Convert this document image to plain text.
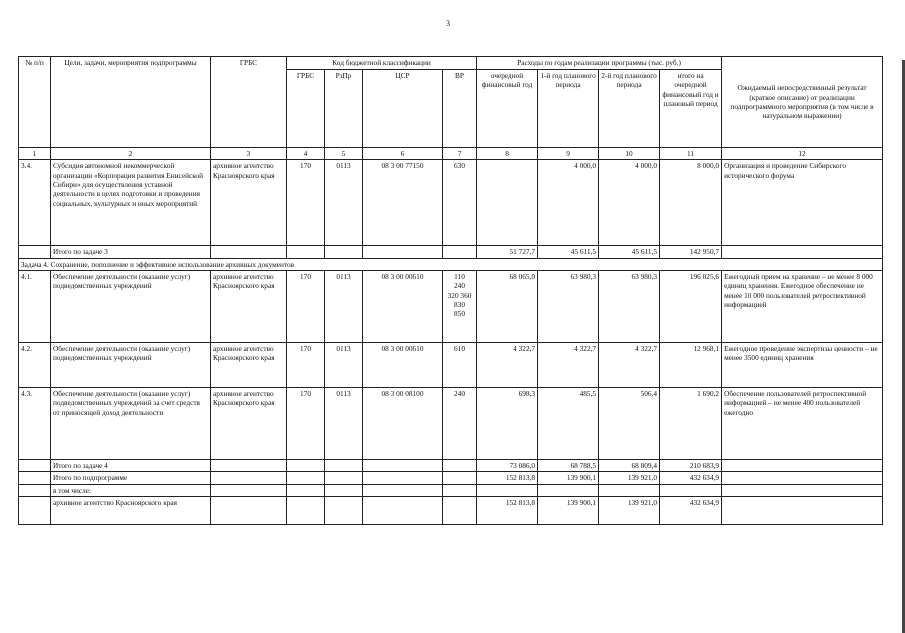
3
№ п/п	Цели, задачи, мероприятия подпрограммы	ГРБС	Код бюджетной классификации				Расходы по годам реализации программы (тыс. руб.)				Ожидаемый непосредственный результат (краткое описание) от реализации подпрограммного мероприятия (в том числе в натуральном выражении)
			ГРБС	РзПр	ЦСР	ВР	очередной финансовый год	1-й год планового периода	2-й год планового периода	итого на очередной финансовый год и плановый период	
1	2	3	4	5	6	7	8	9	10	11	12
3.4.	Субсидия автономной некоммерческой организации «Корпорация развития Енисейской Сибири» для осуществления уставной деятельности в целях подготовки и проведения социальных, культурных и иных мероприятий	архивное агентство Красноярского края	170	0113	08 3 00 77150	630		4 000,0	4 000,0	8 000,0	Организация и проведение Сибирского исторического форума
	Итого по задаче 3						51 727,7	45 611,5	45 611,5	142 950,7	
Задача 4. Сохранение, пополнение и эффективное использование архивных документов											
4.1.	Обеспечение деятельности (оказание услуг) подведомственных учреждений	архивное агентство Красноярского края	170	0113	08 3 00 00610	110
240
320 360
830
850	68 065,0	63 980,3	63 980,3	196 025,6	Ежегодный прием на хранение – не менее 8 000 единиц хранения. Ежегодное обеспечение не менее 10 000 пользователей ретроспективной информацией
4.2.	Обеспечение деятельности (оказание услуг) подведомственных учреждений	архивное агентство Красноярского края	170	0113	08 3 00 00610	610	4 322,7	4 322,7	4 322,7	12 968,1	Ежегодное проведение экспертизы ценности – не менее 3500 единиц хранения
4.3.	Обеспечение деятельности (оказание услуг) подведомственных учреждений за счет средств от приносящей доход деятельности	архивное агентство Красноярского края	170	0113	08 3 00 08100	240	698,3	485,5	506,4	1 690,2	Обеспечение пользователей ретроспективной информацией – не менее 400 пользователей ежегодно
	Итого по задаче 4						73 086,0	68 788,5	68 809,4	210 683,9	
	Итого по подпрограмме						152 813,8	139 900,1	139 921,0	432 634,9	
	в том числе:										
	архивное агентство Красноярского края						152 813,8	139 900,1	139 921,0	432 634,9	
